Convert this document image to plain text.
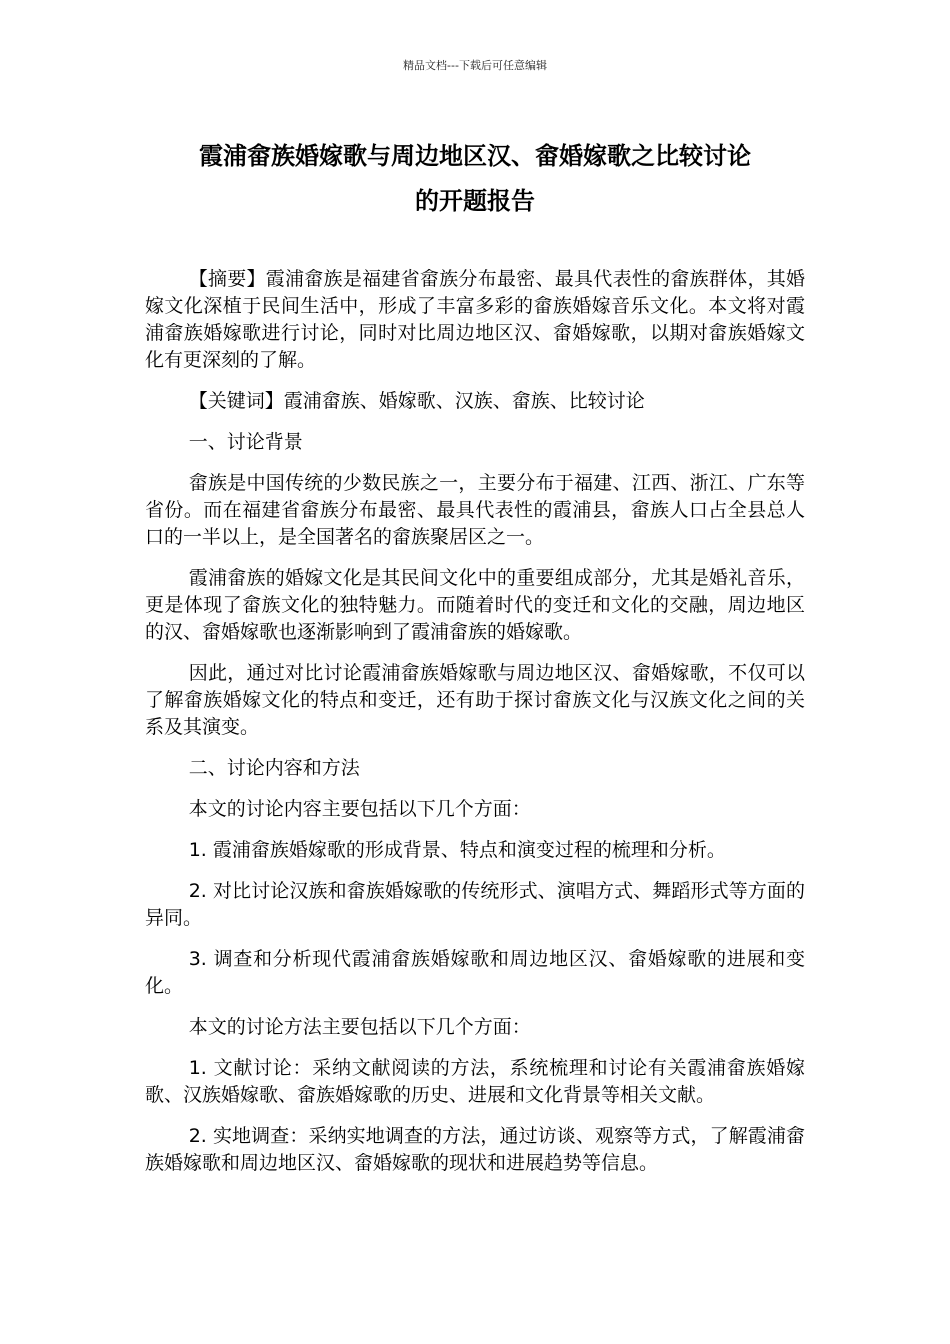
精品文档---下载后可任意编辑
霞浦畲族婚嫁歌与周边地区汉、畲婚嫁歌之比较讨论
的开题报告

【摘要】霞浦畲族是福建省畲族分布最密、最具代表性的畲族群体，其婚嫁文化深植于民间生活中，形成了丰富多彩的畲族婚嫁音乐文化。本文将对霞浦畲族婚嫁歌进行讨论，同时对比周边地区汉、畲婚嫁歌，以期对畲族婚嫁文化有更深刻的了解。

【关键词】霞浦畲族、婚嫁歌、汉族、畲族、比较讨论

一、讨论背景

畲族是中国传统的少数民族之一，主要分布于福建、江西、浙江、广东等省份。而在福建省畲族分布最密、最具代表性的霞浦县，畲族人口占全县总人口的一半以上，是全国著名的畲族聚居区之一。

霞浦畲族的婚嫁文化是其民间文化中的重要组成部分，尤其是婚礼音乐，更是体现了畲族文化的独特魅力。而随着时代的变迁和文化的交融，周边地区的汉、畲婚嫁歌也逐渐影响到了霞浦畲族的婚嫁歌。

因此，通过对比讨论霞浦畲族婚嫁歌与周边地区汉、畲婚嫁歌，不仅可以了解畲族婚嫁文化的特点和变迁，还有助于探讨畲族文化与汉族文化之间的关系及其演变。

二、讨论内容和方法

本文的讨论内容主要包括以下几个方面：

1. 霞浦畲族婚嫁歌的形成背景、特点和演变过程的梳理和分析。

2. 对比讨论汉族和畲族婚嫁歌的传统形式、演唱方式、舞蹈形式等方面的异同。

3. 调查和分析现代霞浦畲族婚嫁歌和周边地区汉、畲婚嫁歌的进展和变化。

本文的讨论方法主要包括以下几个方面：

1. 文献讨论：采纳文献阅读的方法，系统梳理和讨论有关霞浦畲族婚嫁歌、汉族婚嫁歌、畲族婚嫁歌的历史、进展和文化背景等相关文献。

2. 实地调查：采纳实地调查的方法，通过访谈、观察等方式，了解霞浦畲族婚嫁歌和周边地区汉、畲婚嫁歌的现状和进展趋势等信息。
